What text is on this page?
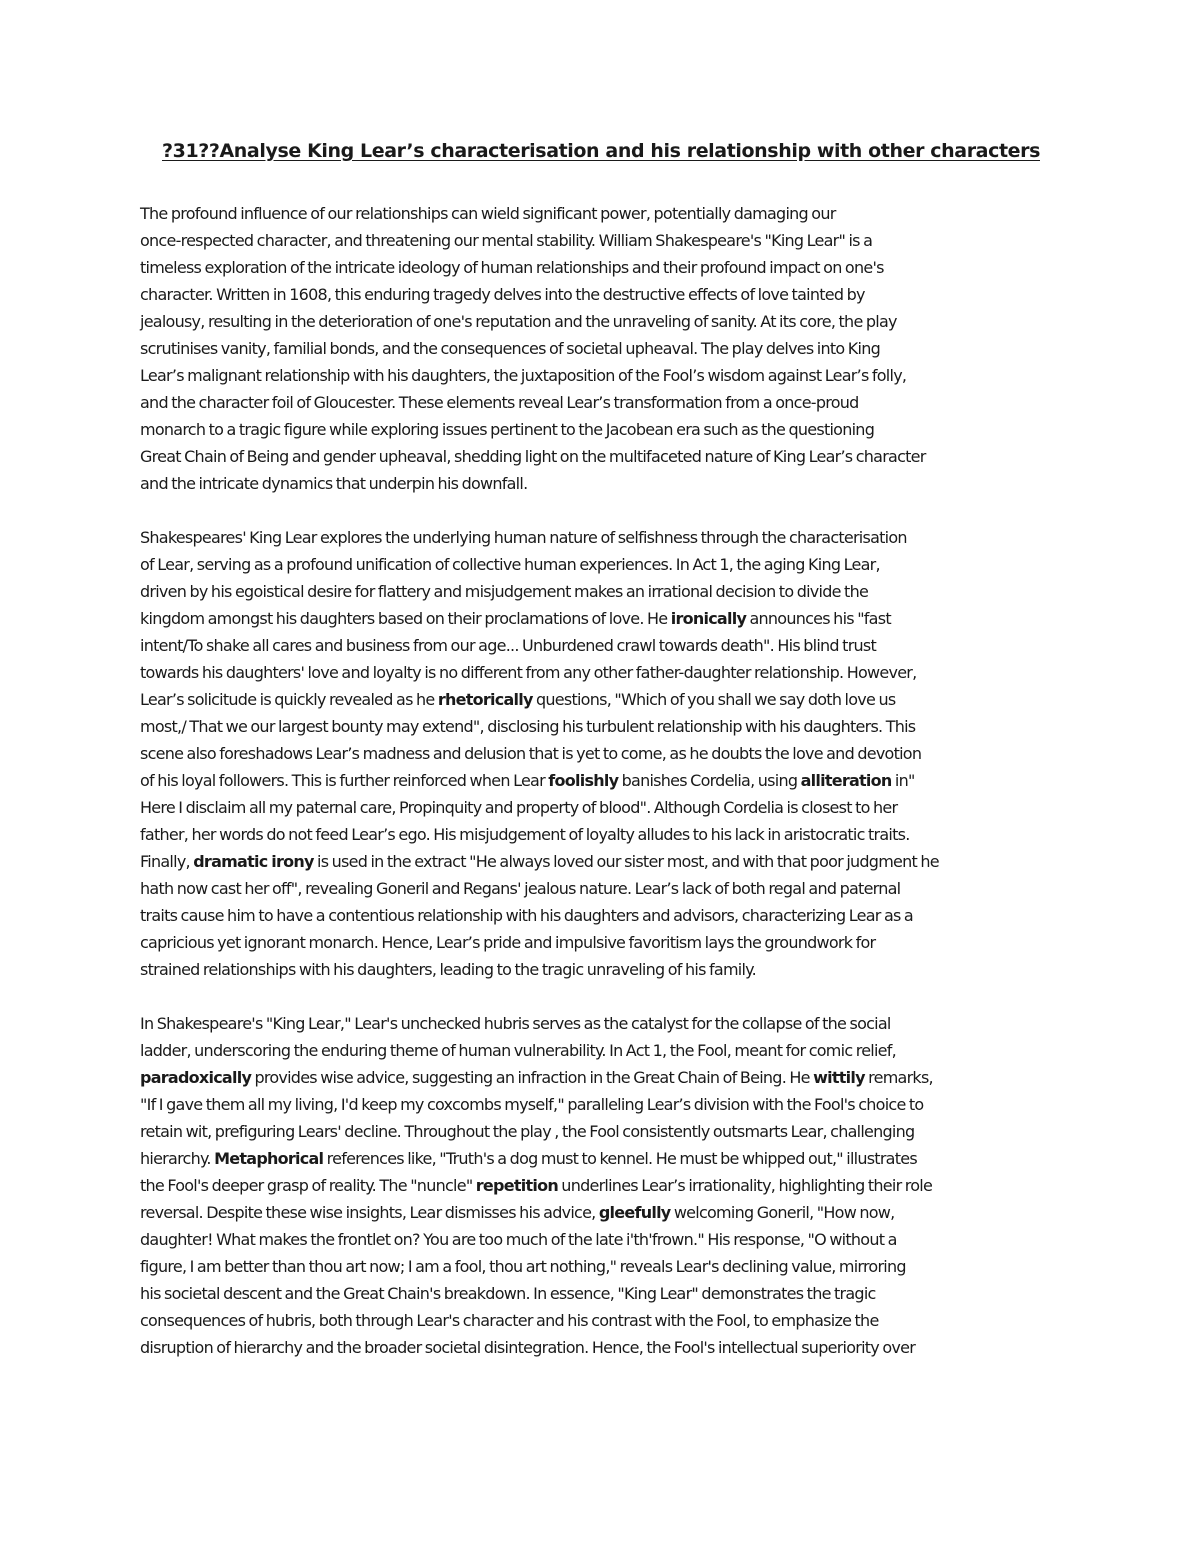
?31??Analyse King Lear’s characterisation and his relationship with other characters
The profound influence of our relationships can wield significant power, potentially damaging our
once-respected character, and threatening our mental stability. William Shakespeare's "King Lear" is a
timeless exploration of the intricate ideology of human relationships and their profound impact on one's
character. Written in 1608, this enduring tragedy delves into the destructive effects of love tainted by
jealousy, resulting in the deterioration of one's reputation and the unraveling of sanity. At its core, the play
scrutinises vanity, familial bonds, and the consequences of societal upheaval. The play delves into King
Lear’s malignant relationship with his daughters, the juxtaposition of the Fool’s wisdom against Lear’s folly,
and the character foil of Gloucester. These elements reveal Lear’s transformation from a once-proud
monarch to a tragic figure while exploring issues pertinent to the Jacobean era such as the questioning
Great Chain of Being and gender upheaval, shedding light on the multifaceted nature of King Lear’s character
and the intricate dynamics that underpin his downfall.
Shakespeares' King Lear explores the underlying human nature of selfishness through the characterisation
of Lear, serving as a profound unification of collective human experiences. In Act 1, the aging King Lear,
driven by his egoistical desire for flattery and misjudgement makes an irrational decision to divide the
kingdom amongst his daughters based on their proclamations of love. He ironically announces his "fast
intent/To shake all cares and business from our age... Unburdened crawl towards death". His blind trust
towards his daughters' love and loyalty is no different from any other father-daughter relationship. However,
Lear’s solicitude is quickly revealed as he rhetorically questions, "Which of you shall we say doth love us
most,/ That we our largest bounty may extend", disclosing his turbulent relationship with his daughters. This
scene also foreshadows Lear’s madness and delusion that is yet to come, as he doubts the love and devotion
of his loyal followers. This is further reinforced when Lear foolishly banishes Cordelia, using alliteration in"
Here I disclaim all my paternal care, Propinquity and property of blood". Although Cordelia is closest to her
father, her words do not feed Lear’s ego. His misjudgement of loyalty alludes to his lack in aristocratic traits.
Finally, dramatic irony is used in the extract "He always loved our sister most, and with that poor judgment he
hath now cast her off", revealing Goneril and Regans' jealous nature. Lear’s lack of both regal and paternal
traits cause him to have a contentious relationship with his daughters and advisors, characterizing Lear as a
capricious yet ignorant monarch. Hence, Lear’s pride and impulsive favoritism lays the groundwork for
strained relationships with his daughters, leading to the tragic unraveling of his family.
In Shakespeare's "King Lear," Lear's unchecked hubris serves as the catalyst for the collapse of the social
ladder, underscoring the enduring theme of human vulnerability. In Act 1, the Fool, meant for comic relief,
paradoxically provides wise advice, suggesting an infraction in the Great Chain of Being. He wittily remarks,
"If I gave them all my living, I'd keep my coxcombs myself," paralleling Lear’s division with the Fool's choice to
retain wit, prefiguring Lears' decline. Throughout the play , the Fool consistently outsmarts Lear, challenging
hierarchy. Metaphorical references like, "Truth's a dog must to kennel. He must be whipped out," illustrates
the Fool's deeper grasp of reality. The "nuncle" repetition underlines Lear’s irrationality, highlighting their role
reversal. Despite these wise insights, Lear dismisses his advice, gleefully welcoming Goneril, "How now,
daughter! What makes the frontlet on? You are too much of the late i'th'frown." His response, "O without a
figure, I am better than thou art now; I am a fool, thou art nothing," reveals Lear's declining value, mirroring
his societal descent and the Great Chain's breakdown. In essence, "King Lear" demonstrates the tragic
consequences of hubris, both through Lear's character and his contrast with the Fool, to emphasize the
disruption of hierarchy and the broader societal disintegration. Hence, the Fool's intellectual superiority over
